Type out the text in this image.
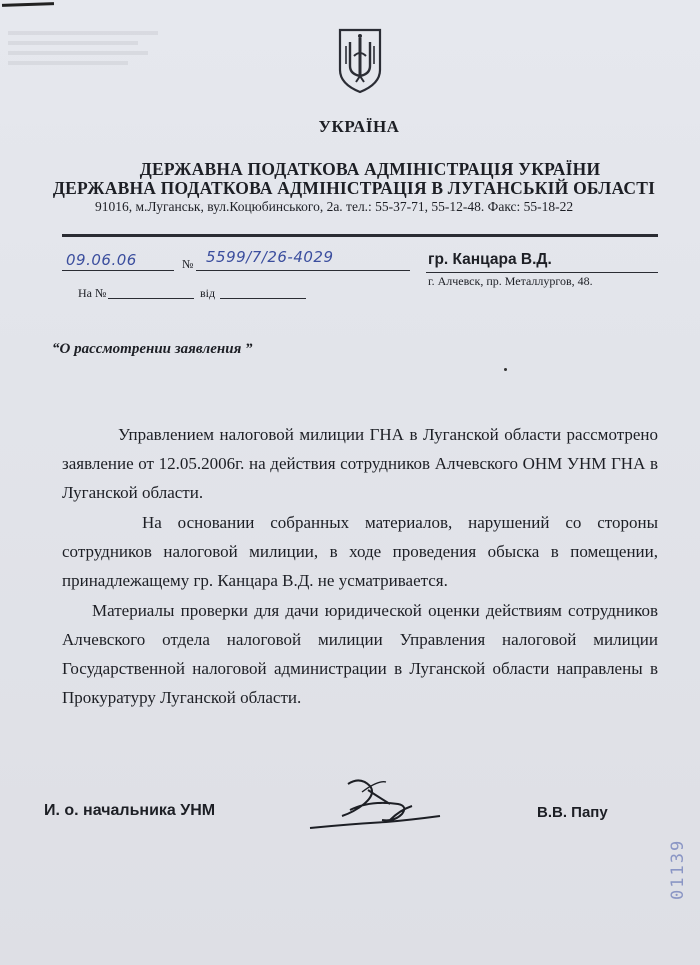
УКРАЇНА
ДЕРЖАВНА ПОДАТКОВА АДМІНІСТРАЦІЯ УКРАЇНИ
ДЕРЖАВНА ПОДАТКОВА АДМІНІСТРАЦІЯ В ЛУГАНСЬКІЙ ОБЛАСТІ
91016, м.Луганськ, вул.Коцюбинського, 2а. тел.: 55-37-71, 55-12-48. Факс: 55-18-22
09.06.06	№ 5599/7/26-4029	гр. Канцара В.Д.
г. Алчевск, пр. Металлургов, 48.
На №	від
“О рассмотрении заявления ”
Управлением налоговой милиции ГНА в Луганской области рассмотрено заявление от 12.05.2006г. на действия сотрудников Алчевского ОНМ УНМ ГНА в Луганской области.
На основании собранных материалов, нарушений со стороны сотрудников налоговой милиции, в ходе проведения обыска в помещении, принадлежащему гр. Канцара В.Д. не усматривается.
Материалы проверки для дачи юридической оценки действиям сотрудников Алчевского отдела налоговой милиции Управления налоговой милиции Государственной налоговой администрации в Луганской области направлены в Прокуратуру Луганской области.
И. о. начальника УНМ	В.В. Папу
01139
